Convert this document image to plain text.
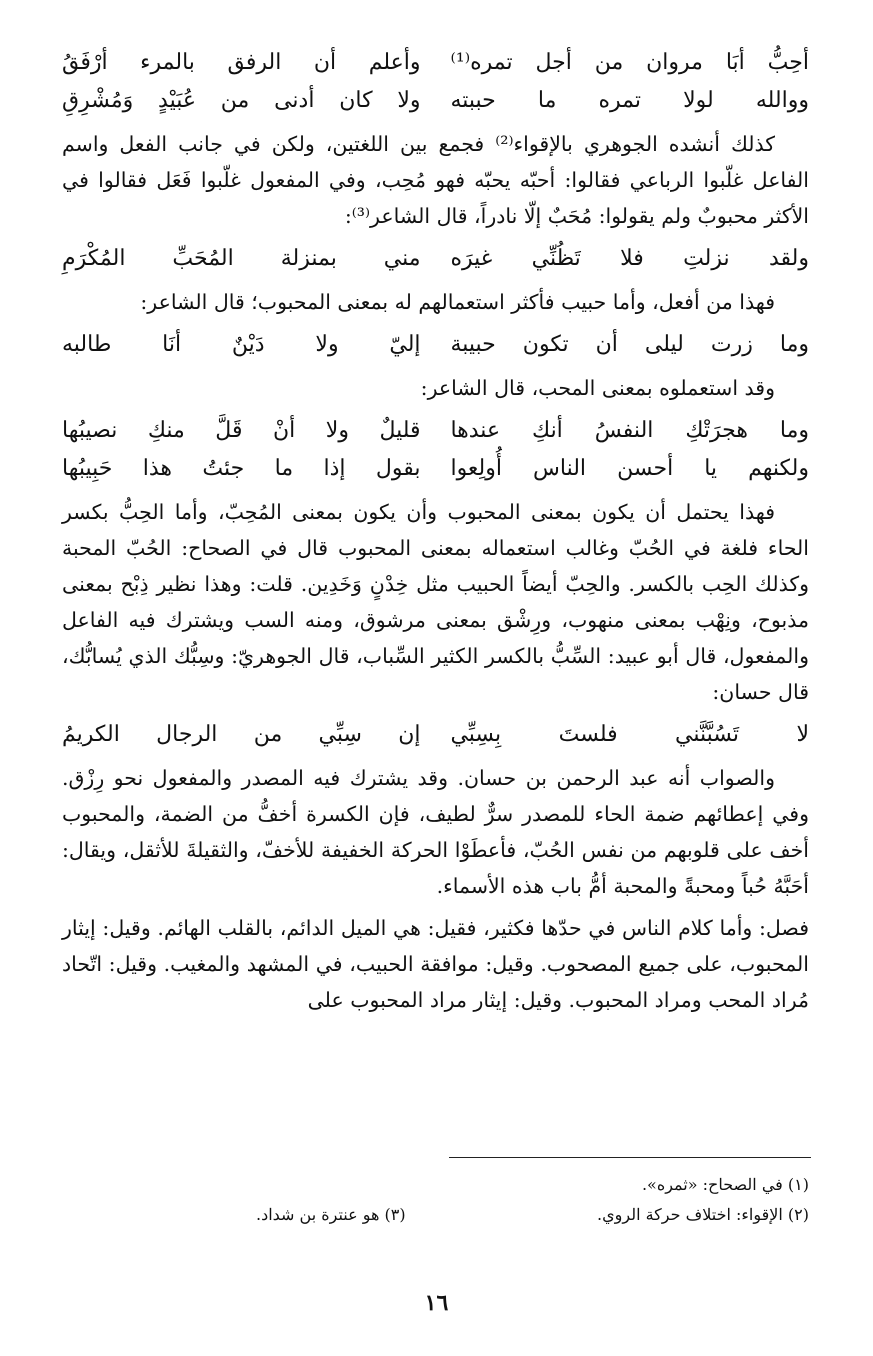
أحِبُّ أبَا مروان من أجل تمره⁽¹⁾
وأعلم أن الرفق بالمرء أرْفَقُ
ووالله لولا تمره ما حببته
ولا كان أدنى من عُبَيْدٍ وَمُشْرِقِ

كذلك أنشده الجوهري بالإقواء⁽²⁾ فجمع بين اللغتين، ولكن في جانب الفعل واسم الفاعل غلّبوا الرباعي فقالوا: أحبّه يحبّه فهو مُحِب، وفي المفعول غلّبوا فَعَل فقالوا في الأكثر محبوبٌ ولم يقولوا: مُحَبٌ إلّا نادراً، قال الشاعر⁽³⁾:

ولقد نزلتِ فلا تَظُنِّي غيرَه
مني بمنزلة المُحَبِّ المُكْرَمِ

فهذا من أفعل، وأما حبيب فأكثر استعمالهم له بمعنى المحبوب؛ قال الشاعر:

وما زرت ليلى أن تكون حبيبة
إليّ ولا دَيْنٌ أنَا طالبه

وقد استعملوه بمعنى المحب، قال الشاعر:

وما هجرَتْكِ النفسُ أنكِ عندها
قليلٌ ولا أنْ قَلَّ منكِ نصيبُها
ولكنهم يا أحسن الناس أُولِعوا
بقول إذا ما جئتُ هذا حَبِيبُها

فهذا يحتمل أن يكون بمعنى المحبوب وأن يكون بمعنى المُحِبّ، وأما الحِبُّ بكسر الحاء فلغة في الحُبّ وغالب استعماله بمعنى المحبوب قال في الصحاح: الحُبّ المحبة وكذلك الحِب بالكسر. والحِبّ أيضاً الحبيب مثل خِدْنٍ وَخَدِين. قلت: وهذا نظير ذِبْح بمعنى مذبوح، ونِهْب بمعنى منهوب، ورِشْق بمعنى مرشوق، ومنه السب ويشترك فيه الفاعل والمفعول، قال أبو عبيد: السِّبُّ بالكسر الكثير السِّباب، قال الجوهريّ: وسِبُّك الذي يُسابُّك، قال حسان:

لا تَسُبَّنَّني فلستَ بِسِبِّي
إن سِبِّي من الرجال الكريمُ

والصواب أنه عبد الرحمن بن حسان. وقد يشترك فيه المصدر والمفعول نحو رِزْق. وفي إعطائهم ضمة الحاء للمصدر سرٌّ لطيف، فإن الكسرة أخفُّ من الضمة، والمحبوب أخف على قلوبهم من نفس الحُبّ، فأعطَوْا الحركة الخفيفة للأخفّ، والثقيلةَ للأثقل، ويقال: أحَبَّهُ حُباً ومحبةً والمحبة أمُّ باب هذه الأسماء.

فصل: وأما كلام الناس في حدّها فكثير، فقيل: هي الميل الدائم، بالقلب الهائم. وقيل: إيثار المحبوب، على جميع المصحوب. وقيل: موافقة الحبيب، في المشهد والمغيب. وقيل: اتّحاد مُراد المحب ومراد المحبوب. وقيل: إيثار مراد المحبوب على

(١) في الصحاح: «ثمره».
(٢) الإقواء: اختلاف حركة الروي.
(٣) هو عنترة بن شداد.
١٦
